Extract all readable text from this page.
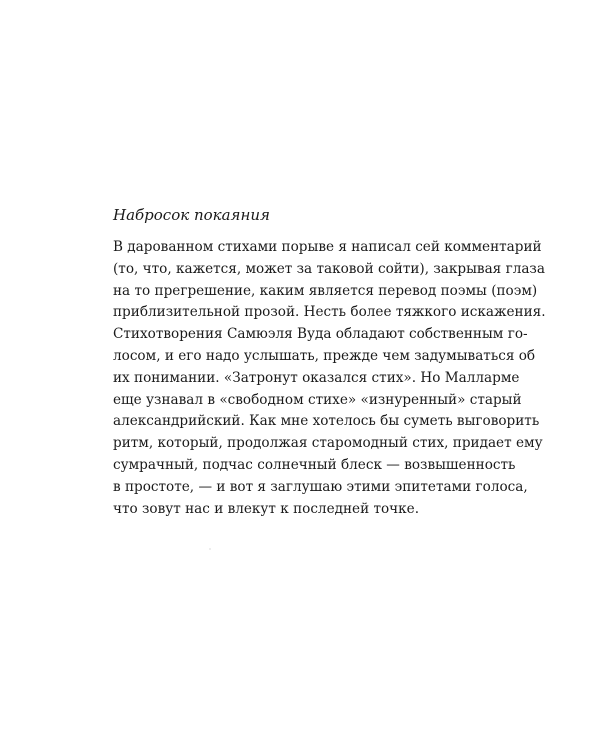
Набросок покаяния
В дарованном стихами порыве я написал сей комментарий
(то, что, кажется, может за таковой сойти), закрывая глаза
на то прегрешение, каким является перевод поэмы (поэм)
приблизительной прозой. Несть более тяжкого искажения.
Стихотворения Самюэля Вуда обладают собственным го-
лосом, и его надо услышать, прежде чем задумываться об
их понимании. «Затронут оказался стих». Но Малларме
еще узнавал в «свободном стихе» «изнуренный» старый
александрийский. Как мне хотелось бы суметь выговорить
ритм, который, продолжая старомодный стих, придает ему
сумрачный, подчас солнечный блеск — возвышенность
в простоте, — и вот я заглушаю этими эпитетами голоса,
что зовут нас и влекут к последней точке.
